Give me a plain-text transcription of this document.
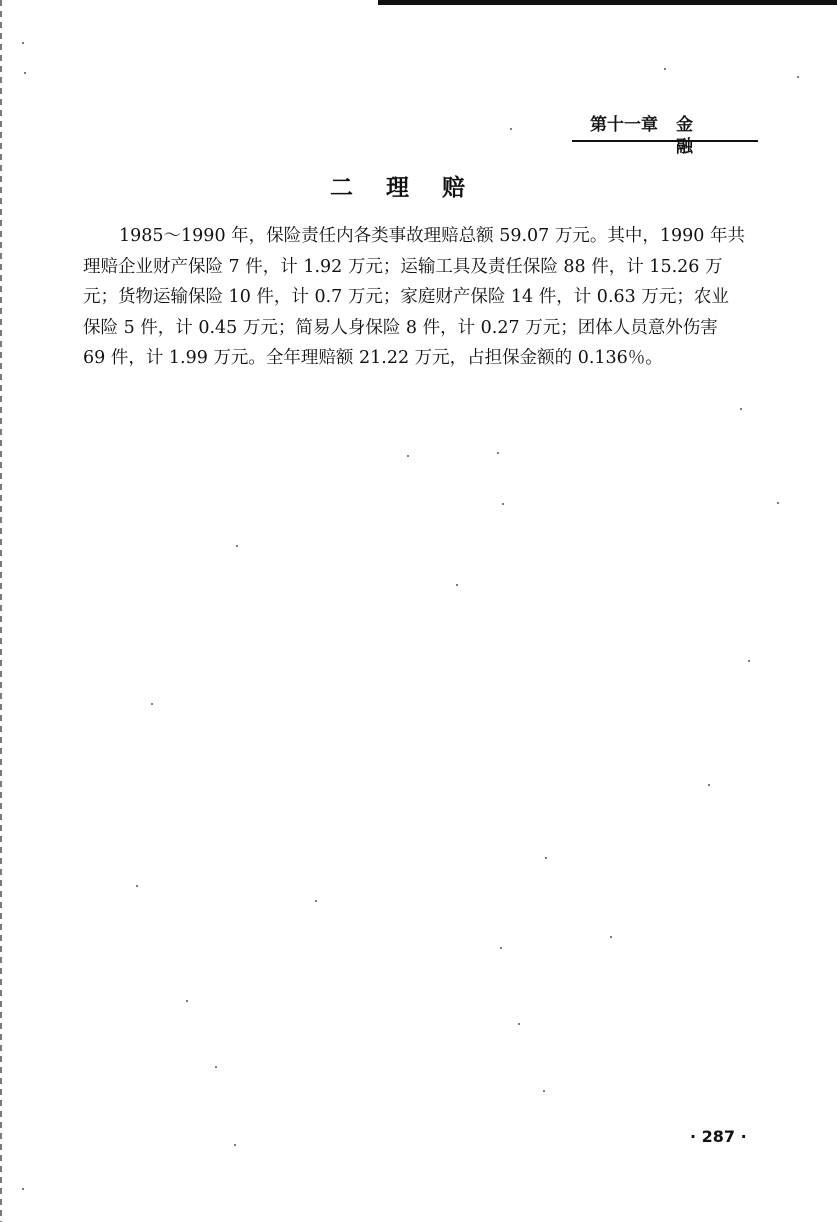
第十一章 金融
二理赔
1985～1990 年，保险责任内各类事故理赔总额 59.07 万元。其中，1990 年共
理赔企业财产保险 7 件，计 1.92 万元；运输工具及责任保险 88 件，计 15.26 万
元；货物运输保险 10 件，计 0.7 万元；家庭财产保险 14 件，计 0.63 万元；农业
保险 5 件，计 0.45 万元；简易人身保险 8 件，计 0.27 万元；团体人员意外伤害
69 件，计 1.99 万元。全年理赔额 21.22 万元，占担保金额的 0.136％。
· 287 ·
